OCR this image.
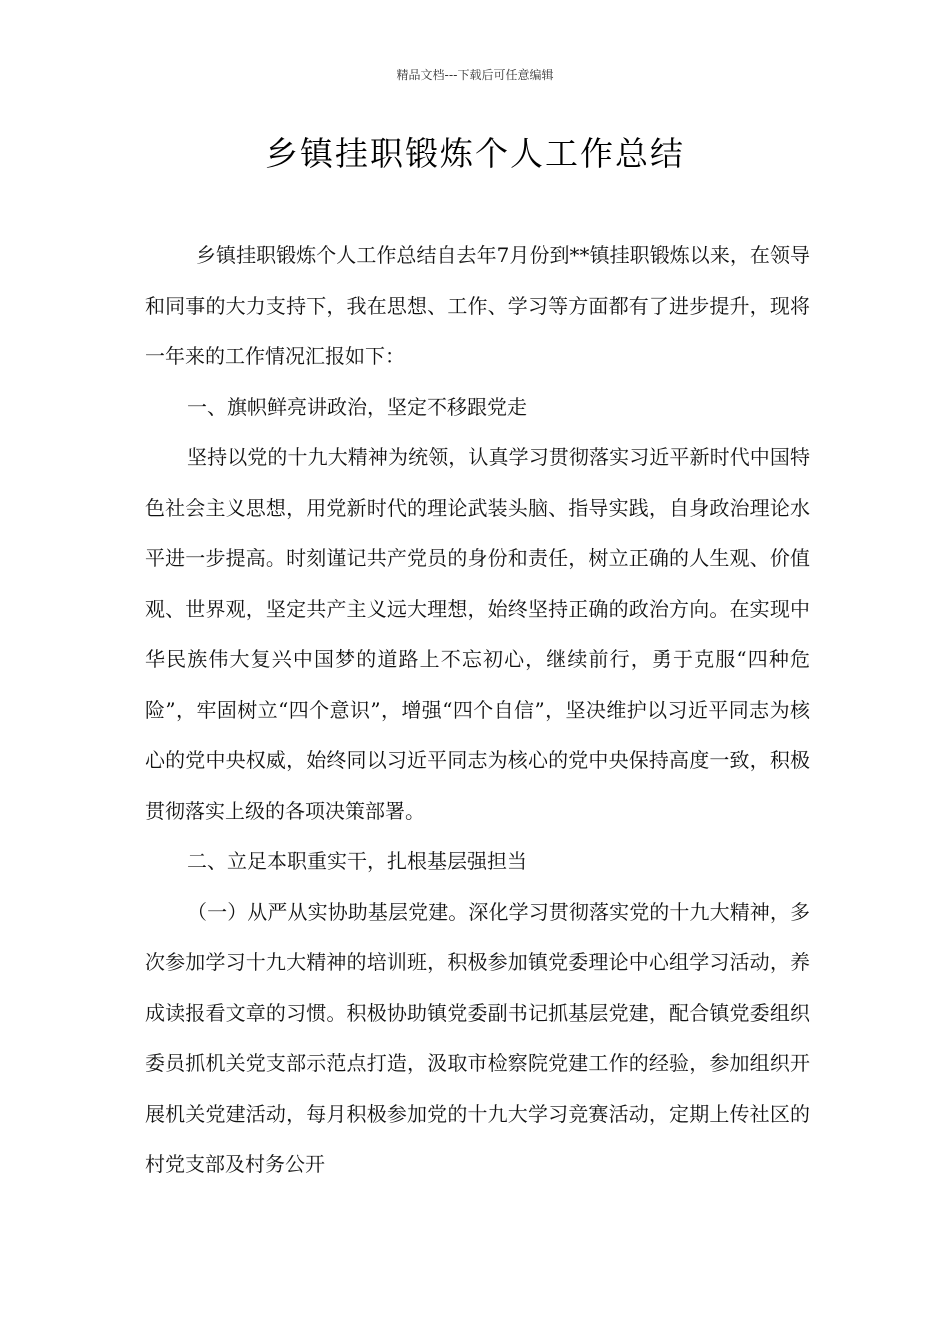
精品文档---下载后可任意编辑
乡镇挂职锻炼个人工作总结

乡镇挂职锻炼个人工作总结自去年7月份到**镇挂职锻炼以来，在领导和同事的大力支持下，我在思想、工作、学习等方面都有了进步提升，现将一年来的工作情况汇报如下：

一、旗帜鲜亮讲政治，坚定不移跟党走

坚持以党的十九大精神为统领，认真学习贯彻落实习近平新时代中国特色社会主义思想，用党新时代的理论武装头脑、指导实践，自身政治理论水平进一步提高。时刻谨记共产党员的身份和责任，树立正确的人生观、价值观、世界观，坚定共产主义远大理想，始终坚持正确的政治方向。在实现中华民族伟大复兴中国梦的道路上不忘初心，继续前行，勇于克服“四种危险”，牢固树立“四个意识”，增强“四个自信”，坚决维护以习近平同志为核心的党中央权威，始终同以习近平同志为核心的党中央保持高度一致，积极贯彻落实上级的各项决策部署。

二、立足本职重实干，扎根基层强担当

（一）从严从实协助基层党建。深化学习贯彻落实党的十九大精神，多次参加学习十九大精神的培训班，积极参加镇党委理论中心组学习活动，养成读报看文章的习惯。积极协助镇党委副书记抓基层党建，配合镇党委组织委员抓机关党支部示范点打造，汲取市检察院党建工作的经验，参加组织开展机关党建活动，每月积极参加党的十九大学习竞赛活动，定期上传社区的村党支部及村务公开
